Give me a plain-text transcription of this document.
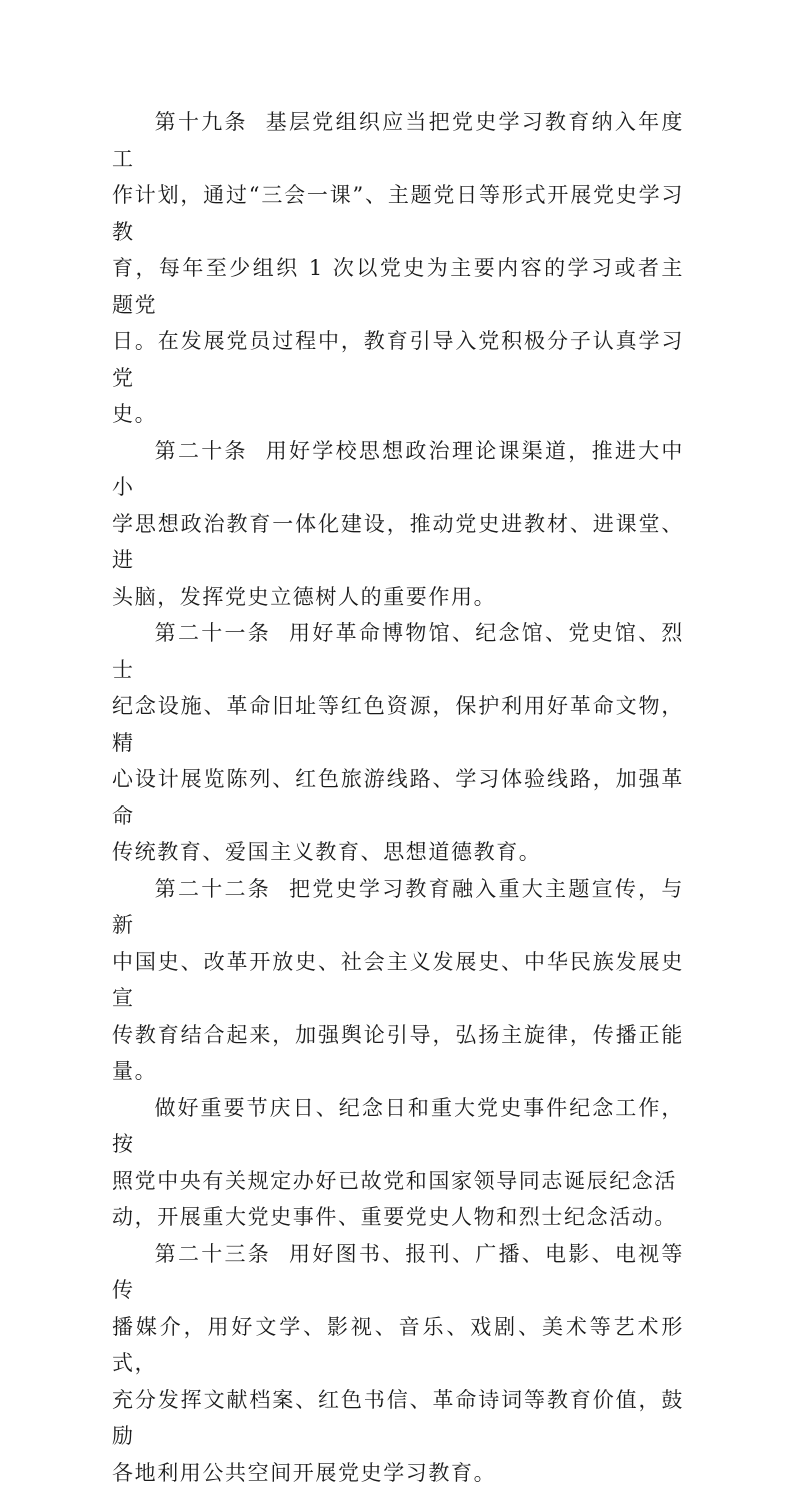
第十九条 基层党组织应当把党史学习教育纳入年度工
作计划，通过“三会一课”、主题党日等形式开展党史学习教
育，每年至少组织 1 次以党史为主要内容的学习或者主题党
日。在发展党员过程中，教育引导入党积极分子认真学习党
史。

第二十条 用好学校思想政治理论课渠道，推进大中小
学思想政治教育一体化建设，推动党史进教材、进课堂、进
头脑，发挥党史立德树人的重要作用。

第二十一条 用好革命博物馆、纪念馆、党史馆、烈士
纪念设施、革命旧址等红色资源，保护利用好革命文物，精
心设计展览陈列、红色旅游线路、学习体验线路，加强革命
传统教育、爱国主义教育、思想道德教育。

第二十二条 把党史学习教育融入重大主题宣传，与新
中国史、改革开放史、社会主义发展史、中华民族发展史宣
传教育结合起来，加强舆论引导，弘扬主旋律，传播正能量。

做好重要节庆日、纪念日和重大党史事件纪念工作，按
照党中央有关规定办好已故党和国家领导同志诞辰纪念活
动，开展重大党史事件、重要党史人物和烈士纪念活动。

第二十三条 用好图书、报刊、广播、电影、电视等传
播媒介，用好文学、影视、音乐、戏剧、美术等艺术形式，
充分发挥文献档案、红色书信、革命诗词等教育价值，鼓励
各地利用公共空间开展党史学习教育。
